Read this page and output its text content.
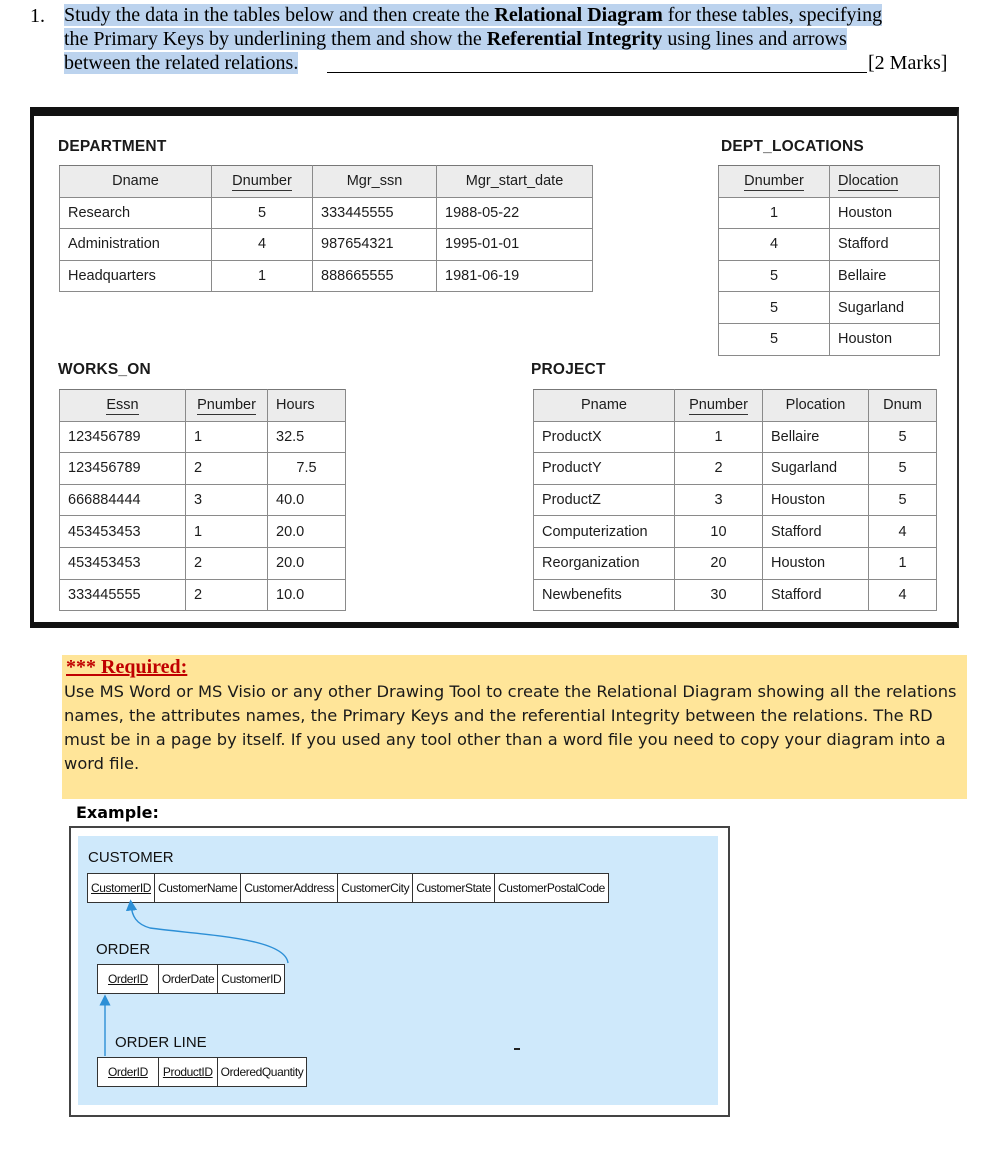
1. Study the data in the tables below and then create the Relational Diagram for these tables, specifying
the Primary Keys by underlining them and show the Referential Integrity using lines and arrows
between the related relations.	[2 Marks]
DEPARTMENT
Dname	Dnumber	Mgr_ssn	Mgr_start_date
Research	5	333445555	1988-05-22
Administration	4	987654321	1995-01-01
Headquarters	1	888665555	1981-06-19
DEPT_LOCATIONS
Dnumber	Dlocation
1	Houston
4	Stafford
5	Bellaire
5	Sugarland
5	Houston
WORKS_ON
Essn	Pnumber	Hours
123456789	1	32.5
123456789	2	7.5
666884444	3	40.0
453453453	1	20.0
453453453	2	20.0
333445555	2	10.0
PROJECT
Pname	Pnumber	Plocation	Dnum
ProductX	1	Bellaire	5
ProductY	2	Sugarland	5
ProductZ	3	Houston	5
Computerization	10	Stafford	4
Reorganization	20	Houston	1
Newbenefits	30	Stafford	4
*** Required:
Use MS Word or MS Visio or any other Drawing Tool to create the Relational Diagram showing all the relations names, the attributes names, the Primary Keys and the referential Integrity between the relations. The RD must be in a page by itself. If you used any tool other than a word file you need to copy your diagram into a word file.
Example:
CUSTOMER
CustomerID CustomerName CustomerAddress CustomerCity CustomerState CustomerPostalCode
ORDER
OrderID OrderDate CustomerID
ORDER LINE
OrderID ProductID OrderedQuantity
